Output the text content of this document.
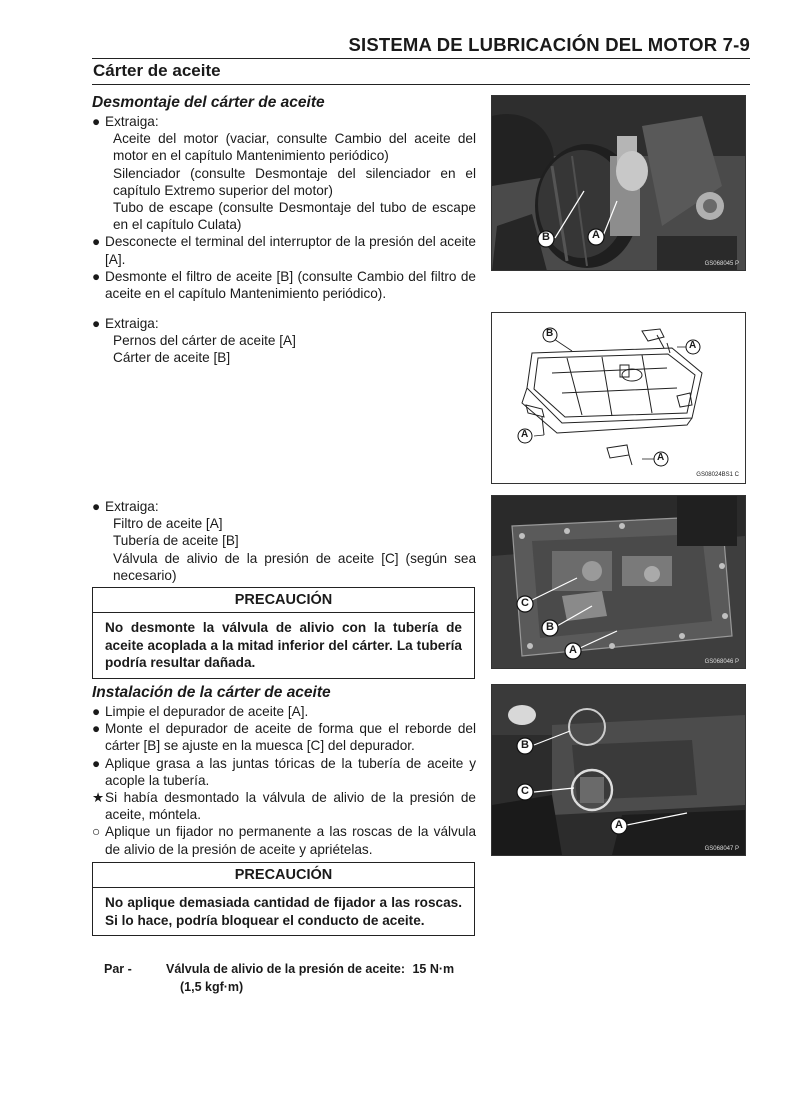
SISTEMA DE LUBRICACIÓN DEL MOTOR 7-9
Cárter de aceite
Desmontaje del cárter de aceite
● Extraiga:
Aceite del motor (vaciar, consulte Cambio del aceite del motor en el capítulo Mantenimiento periódico)
Silenciador (consulte Desmontaje del silenciador en el capítulo Extremo superior del motor)
Tubo de escape (consulte Desmontaje del tubo de escape en el capítulo Culata)
● Desconecte el terminal del interruptor de la presión del aceite [A].
● Desmonte el filtro de aceite [B] (consulte Cambio del filtro de aceite en el capítulo Mantenimiento periódico).
● Extraiga:
Pernos del cárter de aceite [A]
Cárter de aceite [B]
● Extraiga:
Filtro de aceite [A]
Tubería de aceite [B]
Válvula de alivio de la presión de aceite [C] (según sea necesario)
PRECAUCIÓN
No desmonte la válvula de alivio con la tubería de aceite acoplada a la mitad inferior del cárter. La tubería podría resultar dañada.
Instalación de la cárter de aceite
● Limpie el depurador de aceite [A].
● Monte el depurador de aceite de forma que el reborde del cárter [B] se ajuste en la muesca [C] del depurador.
● Aplique grasa a las juntas tóricas de la tubería de aceite y acople la tubería.
★ Si había desmontado la válvula de alivio de la presión de aceite, móntela.
○ Aplique un fijador no permanente a las roscas de la válvula de alivio de la presión de aceite y apriételas.
PRECAUCIÓN
No aplique demasiada cantidad de fijador a las roscas. Si lo hace, podría bloquear el conducto de aceite.
Par -	Válvula de alivio de la presión de aceite: 15 N·m
(1,5 kgf·m)
B	A
GS068045 P
B
A
A
A
GS08024BS1 C
C
B
A
GS068046 P
B
C
A
GS068047 P
